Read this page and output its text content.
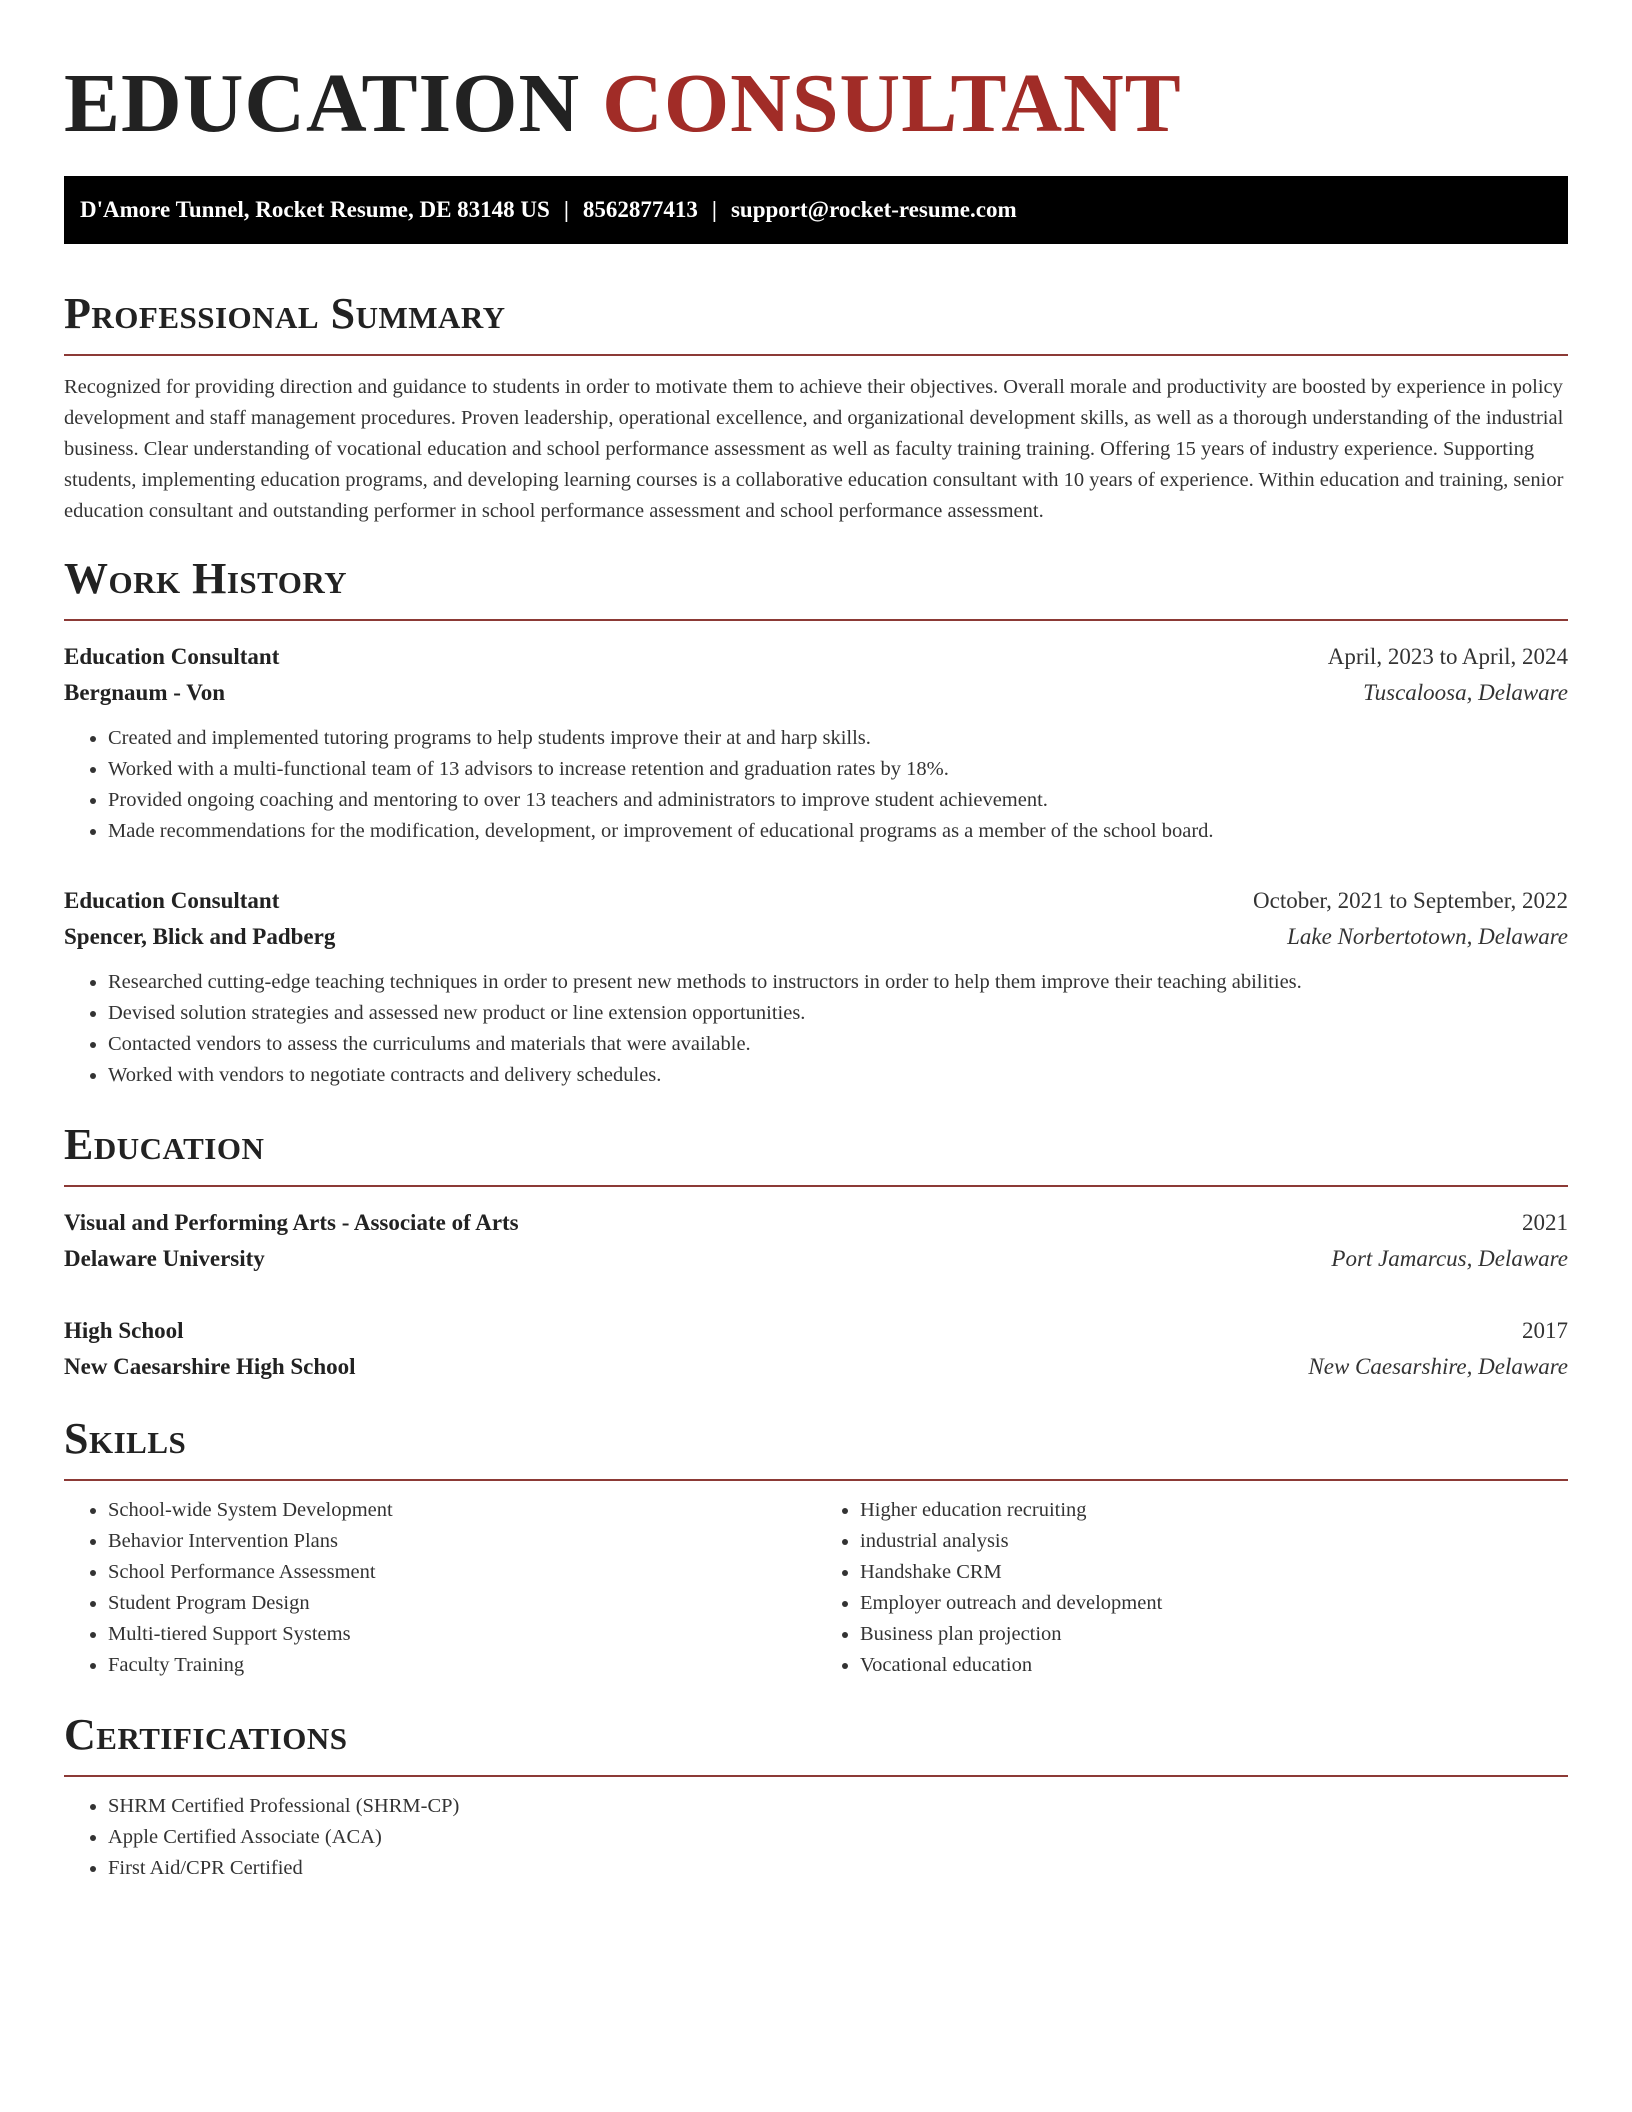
EDUCATION CONSULTANT
D'Amore Tunnel, Rocket Resume, DE 83148 US | 8562877413 | support@rocket-resume.com
Professional Summary

Recognized for providing direction and guidance to students in order to motivate them to achieve their objectives. Overall morale and productivity are boosted by experience in policy development and staff management procedures. Proven leadership, operational excellence, and organizational development skills, as well as a thorough understanding of the industrial business. Clear understanding of vocational education and school performance assessment as well as faculty training training. Offering 15 years of industry experience. Supporting students, implementing education programs, and developing learning courses is a collaborative education consultant with 10 years of experience. Within education and training, senior education consultant and outstanding performer in school performance assessment and school performance assessment.

Work History
Education Consultant	April, 2023 to April, 2024
Bergnaum - Von	Tuscaloosa, Delaware
• Created and implemented tutoring programs to help students improve their at and harp skills.
• Worked with a multi-functional team of 13 advisors to increase retention and graduation rates by 18%.
• Provided ongoing coaching and mentoring to over 13 teachers and administrators to improve student achievement.
• Made recommendations for the modification, development, or improvement of educational programs as a member of the school board.
Education Consultant	October, 2021 to September, 2022
Spencer, Blick and Padberg	Lake Norbertotown, Delaware
• Researched cutting-edge teaching techniques in order to present new methods to instructors in order to help them improve their teaching abilities.
• Devised solution strategies and assessed new product or line extension opportunities.
• Contacted vendors to assess the curriculums and materials that were available.
• Worked with vendors to negotiate contracts and delivery schedules.
Education
Visual and Performing Arts - Associate of Arts	2021
Delaware University	Port Jamarcus, Delaware
High School	2017
New Caesarshire High School	New Caesarshire, Delaware
Skills
• School-wide System Development
• Behavior Intervention Plans
• School Performance Assessment
• Student Program Design
• Multi-tiered Support Systems
• Faculty Training
• Higher education recruiting
• industrial analysis
• Handshake CRM
• Employer outreach and development
• Business plan projection
• Vocational education
Certifications
• SHRM Certified Professional (SHRM-CP)
• Apple Certified Associate (ACA)
• First Aid/CPR Certified
